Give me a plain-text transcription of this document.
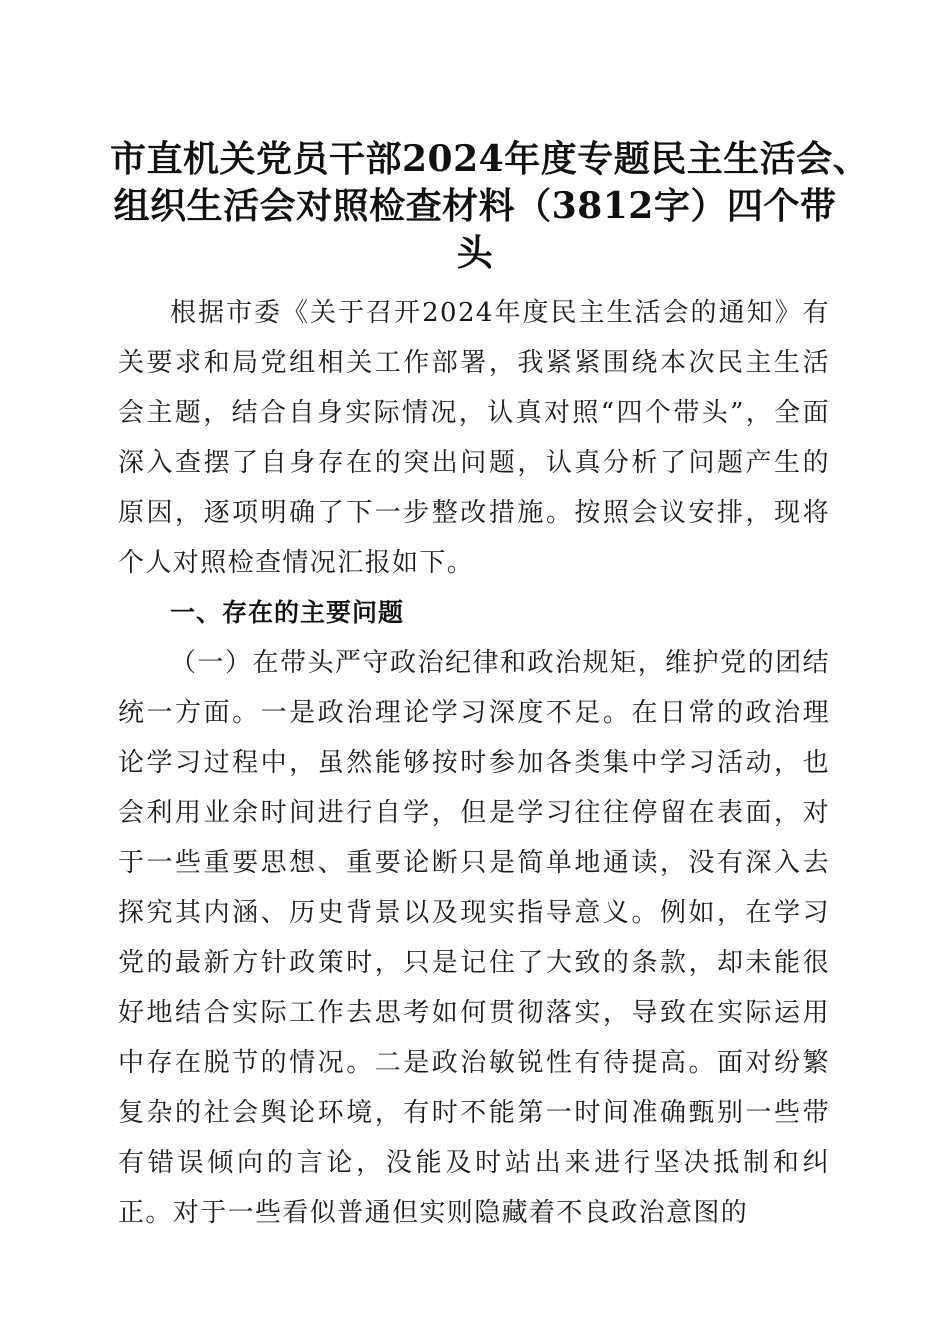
市直机关党员干部2024年度专题民主生活会、
组织生活会对照检查材料（3812字）四个带
头

根据市委《关于召开2024年度民主生活会的通知》有关要求和局党组相关工作部署，我紧紧围绕本次民主生活会主题，结合自身实际情况，认真对照“四个带头”，全面深入查摆了自身存在的突出问题，认真分析了问题产生的原因，逐项明确了下一步整改措施。按照会议安排，现将个人对照检查情况汇报如下。

一、存在的主要问题

（一）在带头严守政治纪律和政治规矩，维护党的团结统一方面。一是政治理论学习深度不足。在日常的政治理论学习过程中，虽然能够按时参加各类集中学习活动，也会利用业余时间进行自学，但是学习往往停留在表面，对于一些重要思想、重要论断只是简单地通读，没有深入去探究其内涵、历史背景以及现实指导意义。例如，在学习党的最新方针政策时，只是记住了大致的条款，却未能很好地结合实际工作去思考如何贯彻落实，导致在实际运用中存在脱节的情况。二是政治敏锐性有待提高。面对纷繁复杂的社会舆论环境，有时不能第一时间准确甄别一些带有错误倾向的言论，没能及时站出来进行坚决抵制和纠正。对于一些看似普通但实则隐藏着不良政治意图的
